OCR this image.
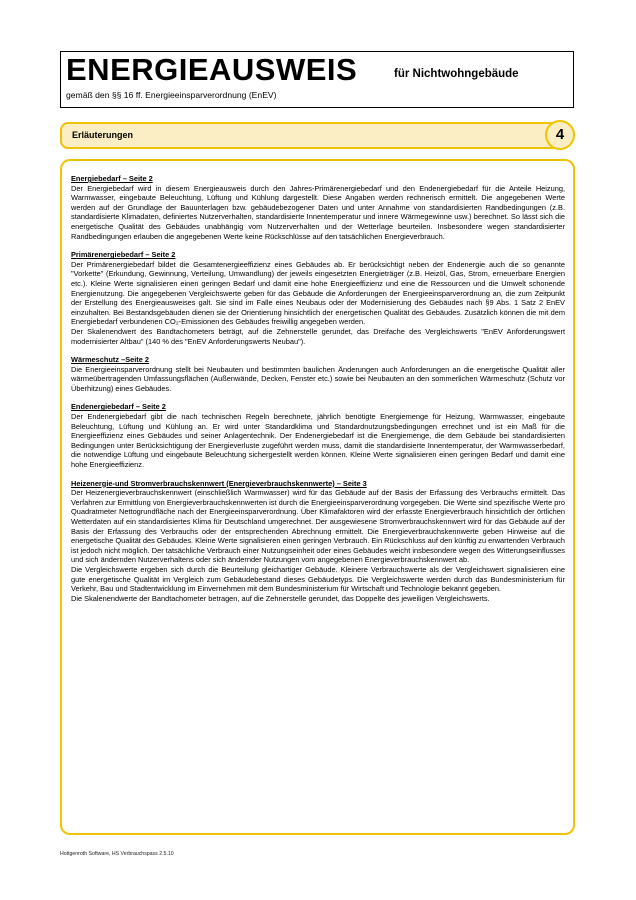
ENERGIEAUSWEIS	für Nichtwohngebäude
gemäß den §§ 16 ff. Energieeinsparverordnung (EnEV)
Erläuterungen	4
Energiebedarf – Seite 2

Der Energiebedarf wird in diesem Energieausweis durch den Jahres-Primärenergiebedarf und den Endenergiebedarf für die Anteile Heizung, Warmwasser, eingebaute Beleuchtung, Lüftung und Kühlung dargestellt. Diese Angaben werden rechnerisch ermittelt. Die angegebenen Werte werden auf der Grundlage der Bauunterlagen bzw. gebäudebezogener Daten und unter Annahme von standardisierten Randbedingungen (z.B. standardisierte Klimadaten, definiertes Nutzerverhalten, standardisierte Innentemperatur und innere Wärmegewinne usw.) berechnet. So lässt sich die energetische Qualität des Gebäudes unabhängig vom Nutzerverhalten und der Wetterlage beurteilen. Insbesondere wegen standardisierter Randbedingungen erlauben die angegebenen Werte keine Rückschlüsse auf den tatsächlichen Energieverbrauch.

Primärenergiebedarf – Seite 2

Der Primärenergiebedarf bildet die Gesamtenergieeffizienz eines Gebäudes ab. Er berücksichtigt neben der Endenergie auch die so genannte "Vorkette" (Erkundung, Gewinnung, Verteilung, Umwandlung) der jeweils eingesetzten Energieträger (z.B. Heizöl, Gas, Strom, erneuerbare Energien etc.). Kleine Werte signalisieren einen geringen Bedarf und damit eine hohe Energieeffizienz und eine die Ressourcen und die Umwelt schonende Energienutzung. Die angegebenen Vergleichswerte geben für das Gebäude die Anforderungen der Energieeinsparverordnung an, die zum Zeitpunkt der Erstellung des Energieausweises galt. Sie sind im Falle eines Neubaus oder der Modernisierung des Gebäudes nach §9 Abs. 1 Satz 2 EnEV einzuhalten. Bei Bestandsgebäuden dienen sie der Orientierung hinsichtlich der energetischen Qualität des Gebäudes. Zusätzlich können die mit dem Energiebedarf verbundenen CO₂-Emissionen des Gebäudes freiwillig angegeben werden.

Der Skalenendwert des Bandtachometers beträgt, auf die Zehnerstelle gerundet, das Dreifache des Vergleichswerts "EnEV Anforderungswert modernisierter Altbau" (140 % des "EnEV Anforderungswerts Neubau").

Wärmeschutz –Seite 2

Die Energieeinsparverordnung stellt bei Neubauten und bestimmten baulichen Änderungen auch Anforderungen an die energetische Qualität aller wärmeübertragenden Umfassungsflächen (Außenwände, Decken, Fenster etc.) sowie bei Neubauten an den sommerlichen Wärmeschutz (Schutz vor Überhitzung) eines Gebäudes.

Endenergiebedarf – Seite 2

Der Endenergiebedarf gibt die nach technischen Regeln berechnete, jährlich benötigte Energiemenge für Heizung, Warmwasser, eingebaute Beleuchtung, Lüftung und Kühlung an. Er wird unter Standardklima und Standardnutzungsbedingungen errechnet und ist ein Maß für die Energieeffizienz eines Gebäudes und seiner Anlagentechnik. Der Endenergiebedarf ist die Energiemenge, die dem Gebäude bei standardisierten Bedingungen unter Berücksichtigung der Energieverluste zugeführt werden muss, damit die standardisierte Innentemperatur, der Warmwasserbedarf, die notwendige Lüftung und eingebaute Beleuchtung sichergestellt werden können. Kleine Werte signalisieren einen geringen Bedarf und damit eine hohe Energieeffizienz.

Heizenergie-und Stromverbrauchskennwert (Energieverbrauchskennwerte) – Seite 3

Der Heizenergieverbrauchskennwert (einschließlich Warmwasser) wird für das Gebäude auf der Basis der Erfassung des Verbrauchs ermittelt. Das Verfahren zur Ermittlung von Energieverbrauchskennwerten ist durch die Energieeinsparverordnung vorgegeben. Die Werte sind spezifische Werte pro Quadratmeter Nettogrundfläche nach der Energieeinsparverordnung. Über Klimafaktoren wird der erfasste Energieverbrauch hinsichtlich der örtlichen Wetterdaten auf ein standardisiertes Klima für Deutschland umgerechnet. Der ausgewiesene Stromverbrauchskennwert wird für das Gebäude auf der Basis der Erfassung des Verbrauchs oder der entsprechenden Abrechnung ermittelt. Die Energieverbrauchskennwerte geben Hinweise auf die energetische Qualität des Gebäudes. Kleine Werte signalisieren einen geringen Verbrauch. Ein Rückschluss auf den künftig zu erwartenden Verbrauch ist jedoch nicht möglich. Der tatsächliche Verbrauch einer Nutzungseinheit oder eines Gebäudes weicht insbesondere wegen des Witterungseinflusses und sich ändernden Nutzerverhaltens oder sich ändernder Nutzungen vom angegebenen Energieverbrauchskennwert ab.

Die Vergleichswerte ergeben sich durch die Beurteilung gleichartiger Gebäude. Kleinere Verbrauchswerte als der Vergleichswert signalisieren eine gute energetische Qualität im Vergleich zum Gebäudebestand dieses Gebäudetyps. Die Vergleichswerte werden durch das Bundesministerium für Verkehr, Bau und Stadtentwicklung im Einvernehmen mit dem Bundesministerium für Wirtschaft und Technologie bekannt gegeben.

Die Skalenendwerte der Bandtachometer betragen, auf die Zehnerstelle gerundet, das Doppelte des jeweiligen Vergleichswerts.

Hottgenroth Software, HS Verbrauchspass 2.5.10
